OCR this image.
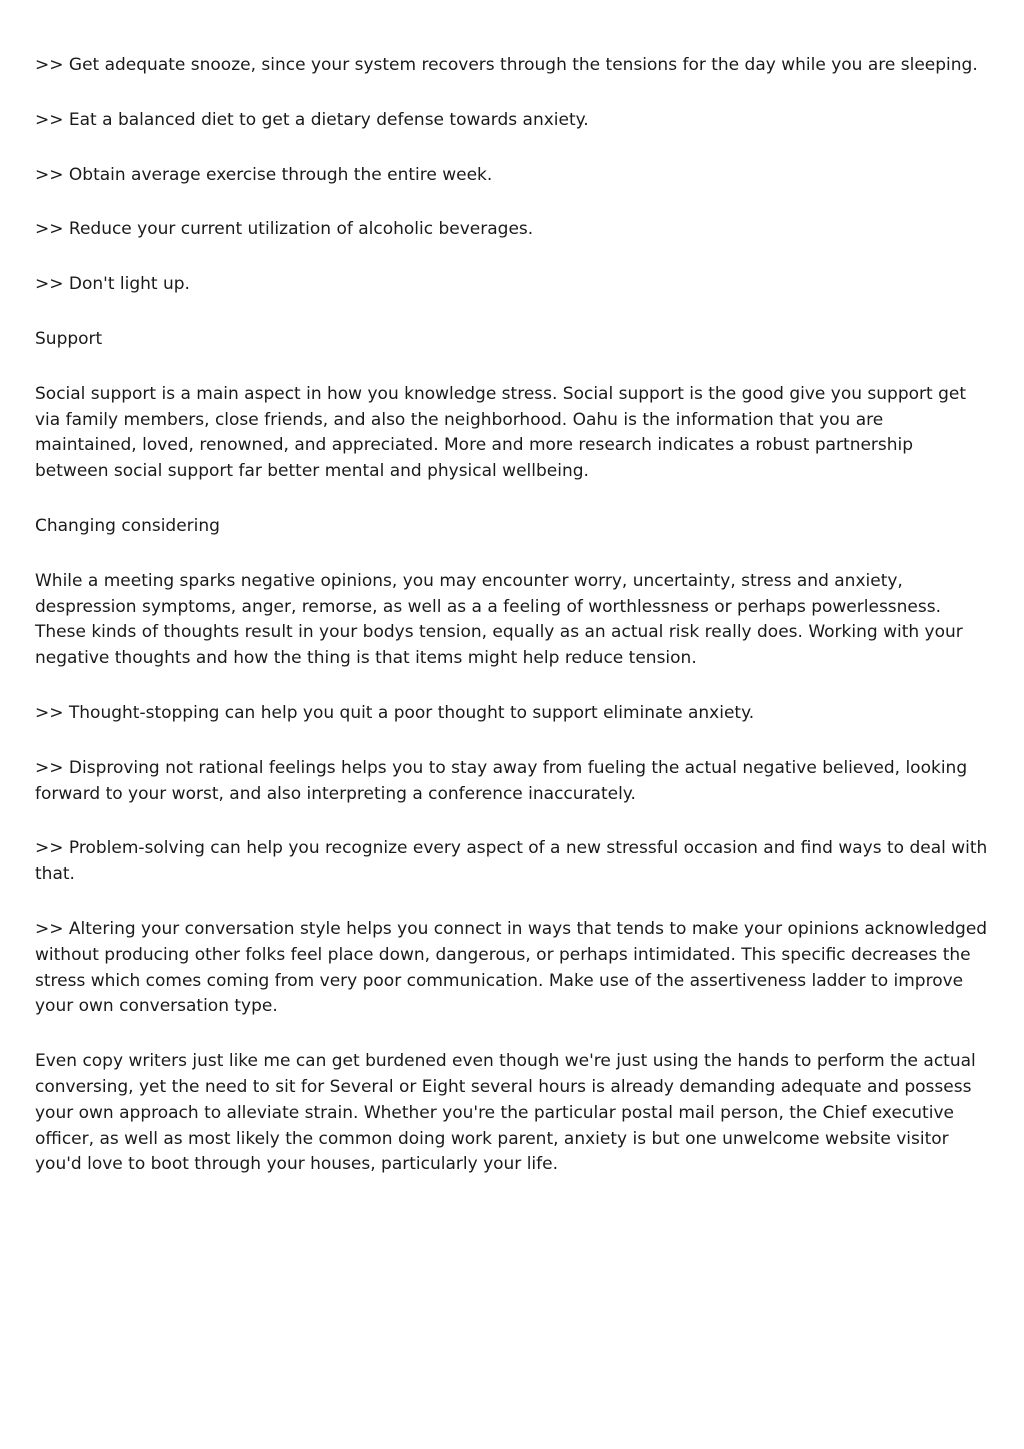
>> Get adequate snooze, since your system recovers through the tensions for the day while you are sleeping.

>> Eat a balanced diet to get a dietary defense towards anxiety.

>> Obtain average exercise through the entire week.

>> Reduce your current utilization of alcoholic beverages.

>> Don't light up.

Support

Social support is a main aspect in how you knowledge stress. Social support is the good give you support get via family members, close friends, and also the neighborhood. Oahu is the information that you are maintained, loved, renowned, and appreciated. More and more research indicates a robust partnership between social support far better mental and physical wellbeing.

Changing considering

While a meeting sparks negative opinions, you may encounter worry, uncertainty, stress and anxiety, despression symptoms, anger, remorse, as well as a a feeling of worthlessness or perhaps powerlessness. These kinds of thoughts result in your bodys tension, equally as an actual risk really does. Working with your negative thoughts and how the thing is that items might help reduce tension.

>> Thought-stopping can help you quit a poor thought to support eliminate anxiety.

>> Disproving not rational feelings helps you to stay away from fueling the actual negative believed, looking forward to your worst, and also interpreting a conference inaccurately.

>> Problem-solving can help you recognize every aspect of a new stressful occasion and find ways to deal with that.

>> Altering your conversation style helps you connect in ways that tends to make your opinions acknowledged without producing other folks feel place down, dangerous, or perhaps intimidated. This specific decreases the stress which comes coming from very poor communication. Make use of the assertiveness ladder to improve your own conversation type.

Even copy writers just like me can get burdened even though we're just using the hands to perform the actual conversing, yet the need to sit for Several or Eight several hours is already demanding adequate and possess your own approach to alleviate strain. Whether you're the particular postal mail person, the Chief executive officer, as well as most likely the common doing work parent, anxiety is but one unwelcome website visitor you'd love to boot through your houses, particularly your life.
